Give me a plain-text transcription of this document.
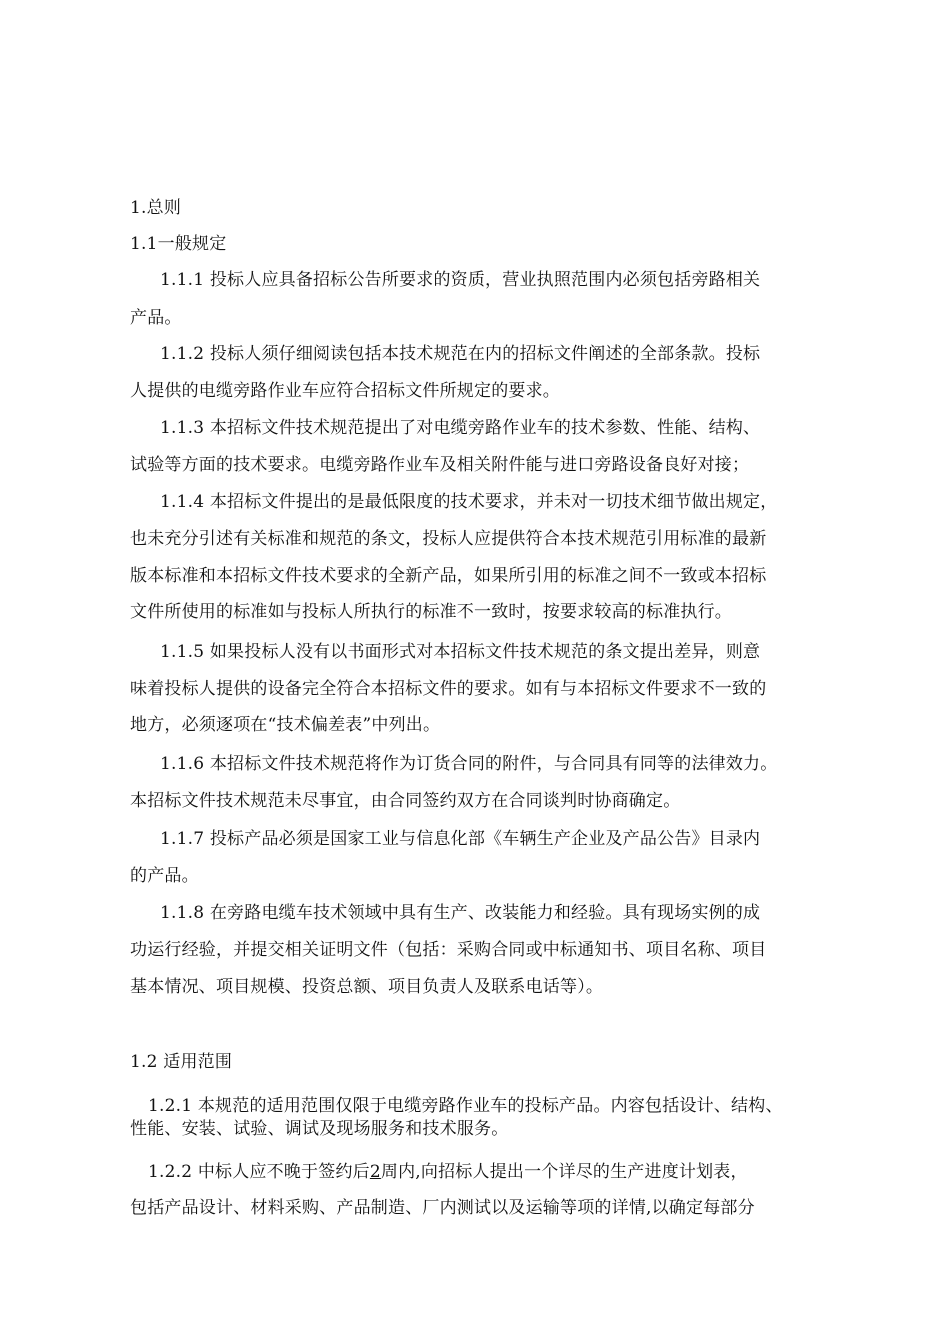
1.总则
1.1一般规定
1.1.1 投标人应具备招标公告所要求的资质，营业执照范围内必须包括旁路相关
产品。
1.1.2 投标人须仔细阅读包括本技术规范在内的招标文件阐述的全部条款。投标
人提供的电缆旁路作业车应符合招标文件所规定的要求。
1.1.3 本招标文件技术规范提出了对电缆旁路作业车的技术参数、性能、结构、
试验等方面的技术要求。电缆旁路作业车及相关附件能与进口旁路设备良好对接；
1.1.4 本招标文件提出的是最低限度的技术要求，并未对一切技术细节做出规定，
也未充分引述有关标准和规范的条文，投标人应提供符合本技术规范引用标准的最新
版本标准和本招标文件技术要求的全新产品，如果所引用的标准之间不一致或本招标
文件所使用的标准如与投标人所执行的标准不一致时，按要求较高的标准执行。
1.1.5 如果投标人没有以书面形式对本招标文件技术规范的条文提出差异，则意
味着投标人提供的设备完全符合本招标文件的要求。如有与本招标文件要求不一致的
地方，必须逐项在“技术偏差表”中列出。
1.1.6 本招标文件技术规范将作为订货合同的附件，与合同具有同等的法律效力。
本招标文件技术规范未尽事宜，由合同签约双方在合同谈判时协商确定。
1.1.7 投标产品必须是国家工业与信息化部《车辆生产企业及产品公告》目录内
的产品。
1.1.8 在旁路电缆车技术领域中具有生产、改装能力和经验。具有现场实例的成
功运行经验，并提交相关证明文件（包括：采购合同或中标通知书、项目名称、项目
基本情况、项目规模、投资总额、项目负责人及联系电话等）。
1.2 适用范围
1.2.1 本规范的适用范围仅限于电缆旁路作业车的投标产品。内容包括设计、结构、
性能、安装、试验、调试及现场服务和技术服务。
1.2.2 中标人应不晚于签约后2周内,向招标人提出一个详尽的生产进度计划表，
包括产品设计、材料采购、产品制造、厂内测试以及运输等项的详情,以确定每部分
